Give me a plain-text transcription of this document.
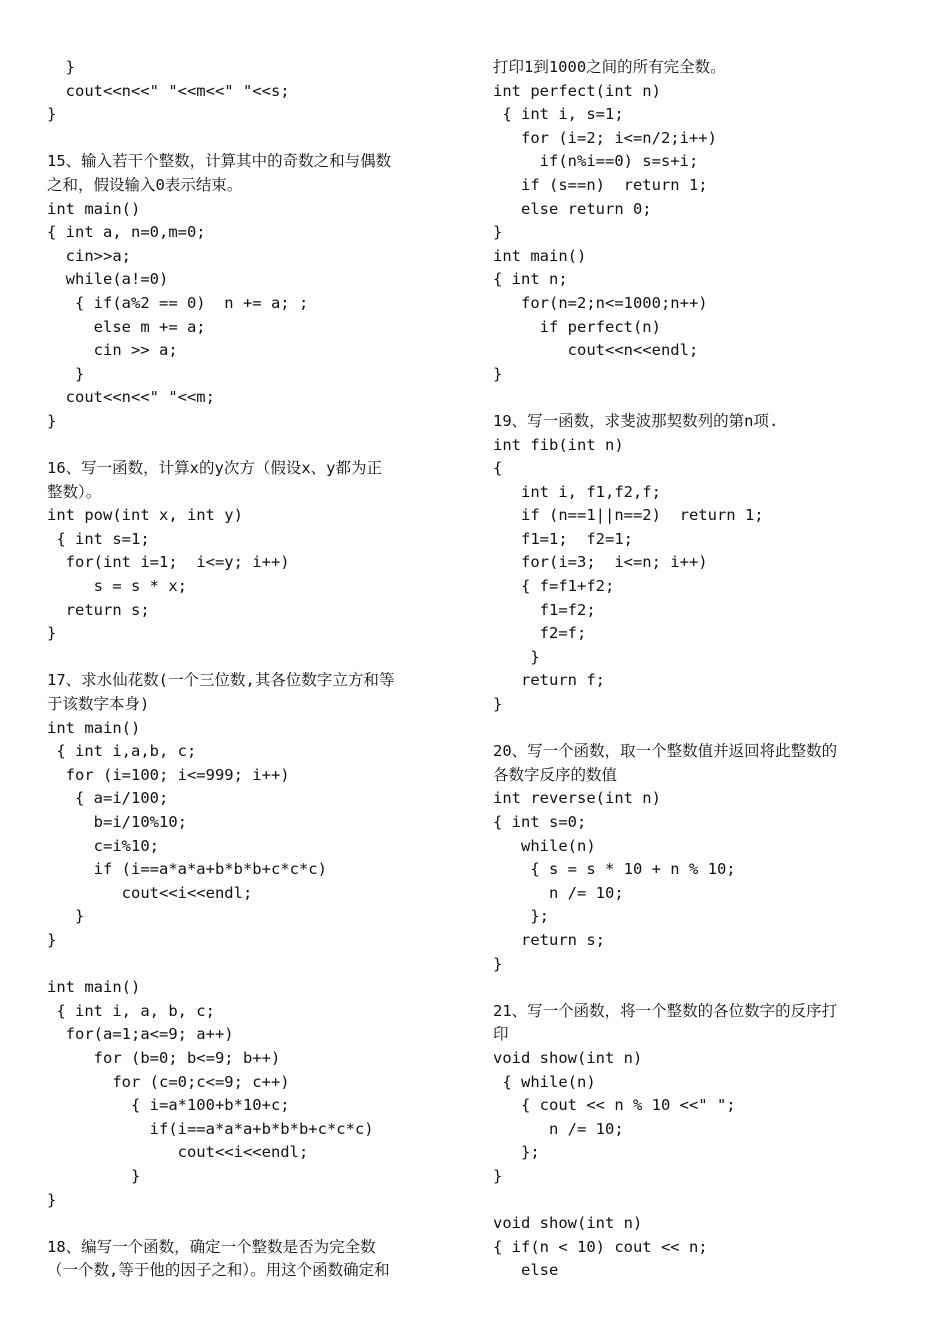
}
cout<<n<<" "<<m<<" "<<s;
}
15、输入若干个整数，计算其中的奇数之和与偶数
之和，假设输入0表示结束。
int main()
{ int a, n=0,m=0;
cin>>a;
while(a!=0)
{ if(a%2 == 0)  n += a; ;
else m += a;
cin >> a;
}
cout<<n<<" "<<m;
}
16、写一函数，计算x的y次方（假设x、y都为正
整数）。
int pow(int x, int y)
{ int s=1;
for(int i=1;  i<=y; i++)
s = s * x;
return s;
}
17、求水仙花数(一个三位数,其各位数字立方和等
于该数字本身)
int main()
{ int i,a,b, c;
for (i=100; i<=999; i++)
{ a=i/100;
b=i/10%10;
c=i%10;
if (i==a*a*a+b*b*b+c*c*c)
cout<<i<<endl;
}
}
int main()
{ int i, a, b, c;
for(a=1;a<=9; a++)
for (b=0; b<=9; b++)
for (c=0;c<=9; c++)
{ i=a*100+b*10+c;
if(i==a*a*a+b*b*b+c*c*c)
cout<<i<<endl;
}
}
18、编写一个函数，确定一个整数是否为完全数
（一个数,等于他的因子之和）。用这个函数确定和
打印1到1000之间的所有完全数。
int perfect(int n)
{ int i, s=1;
for (i=2; i<=n/2;i++)
if(n%i==0) s=s+i;
if (s==n)  return 1;
else return 0;
}
int main()
{ int n;
for(n=2;n<=1000;n++)
if perfect(n)
cout<<n<<endl;
}
19、写一函数，求斐波那契数列的第n项.
int fib(int n)
{
int i, f1,f2,f;
if (n==1||n==2)  return 1;
f1=1;  f2=1;
for(i=3;  i<=n; i++)
{ f=f1+f2;
f1=f2;
f2=f;
}
return f;
}
20、写一个函数，取一个整数值并返回将此整数的
各数字反序的数值
int reverse(int n)
{ int s=0;
while(n)
{ s = s * 10 + n % 10;
n /= 10;
};
return s;
}
21、写一个函数，将一个整数的各位数字的反序打
印
void show(int n)
{ while(n)
{ cout << n % 10 <<" ";
n /= 10;
};
}
void show(int n)
{ if(n < 10) cout << n;
else
